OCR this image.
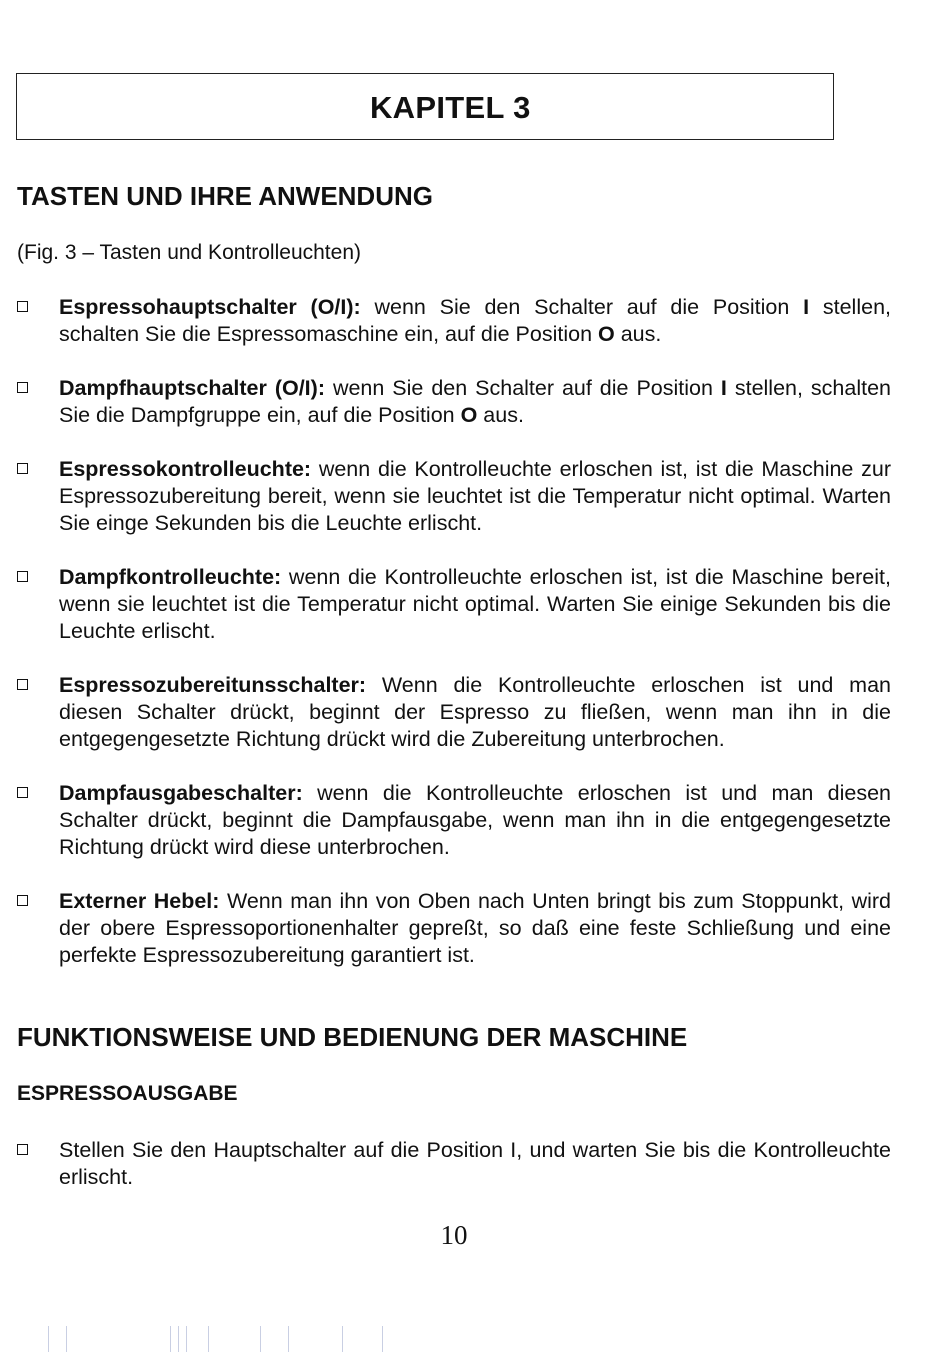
KAPITEL 3
TASTEN UND IHRE ANWENDUNG

(Fig. 3 – Tasten und Kontrolleuchten)

Espressohauptschalter (O/I): wenn Sie den Schalter auf die Position I stellen, schalten Sie die Espressomaschine ein, auf die Position O aus.

Dampfhauptschalter (O/I): wenn Sie den Schalter auf die Position I stellen, schalten Sie die Dampfgruppe ein, auf die Position O aus.

Espressokontrolleuchte: wenn die Kontrolleuchte erloschen ist, ist die Maschine zur Espressozubereitung bereit, wenn sie leuchtet ist die Temperatur nicht optimal. Warten Sie einge Sekunden bis die Leuchte erlischt.

Dampfkontrolleuchte: wenn die Kontrolleuchte erloschen ist, ist die Maschine bereit, wenn sie leuchtet ist die Temperatur nicht optimal. Warten Sie einige Sekunden bis die Leuchte erlischt.

Espressozubereitunsschalter: Wenn die Kontrolleuchte erloschen ist und man diesen Schalter drückt, beginnt der Espresso zu fließen, wenn man ihn in die entgegengesetzte Richtung drückt wird die Zubereitung unterbrochen.

Dampfausgabeschalter: wenn die Kontrolleuchte erloschen ist und man diesen Schalter drückt, beginnt die Dampfausgabe, wenn man ihn in die entgegengesetzte Richtung drückt wird diese unterbrochen.

Externer Hebel: Wenn man ihn von Oben nach Unten bringt bis zum Stoppunkt, wird der obere Espressoportionenhalter gepreßt, so daß eine feste Schließung und eine perfekte Espressozubereitung garantiert ist.

FUNKTIONSWEISE UND BEDIENUNG DER MASCHINE
ESPRESSOAUSGABE

Stellen Sie den Hauptschalter auf die Position I, und warten Sie bis die Kontrolleuchte erlischt.

10
